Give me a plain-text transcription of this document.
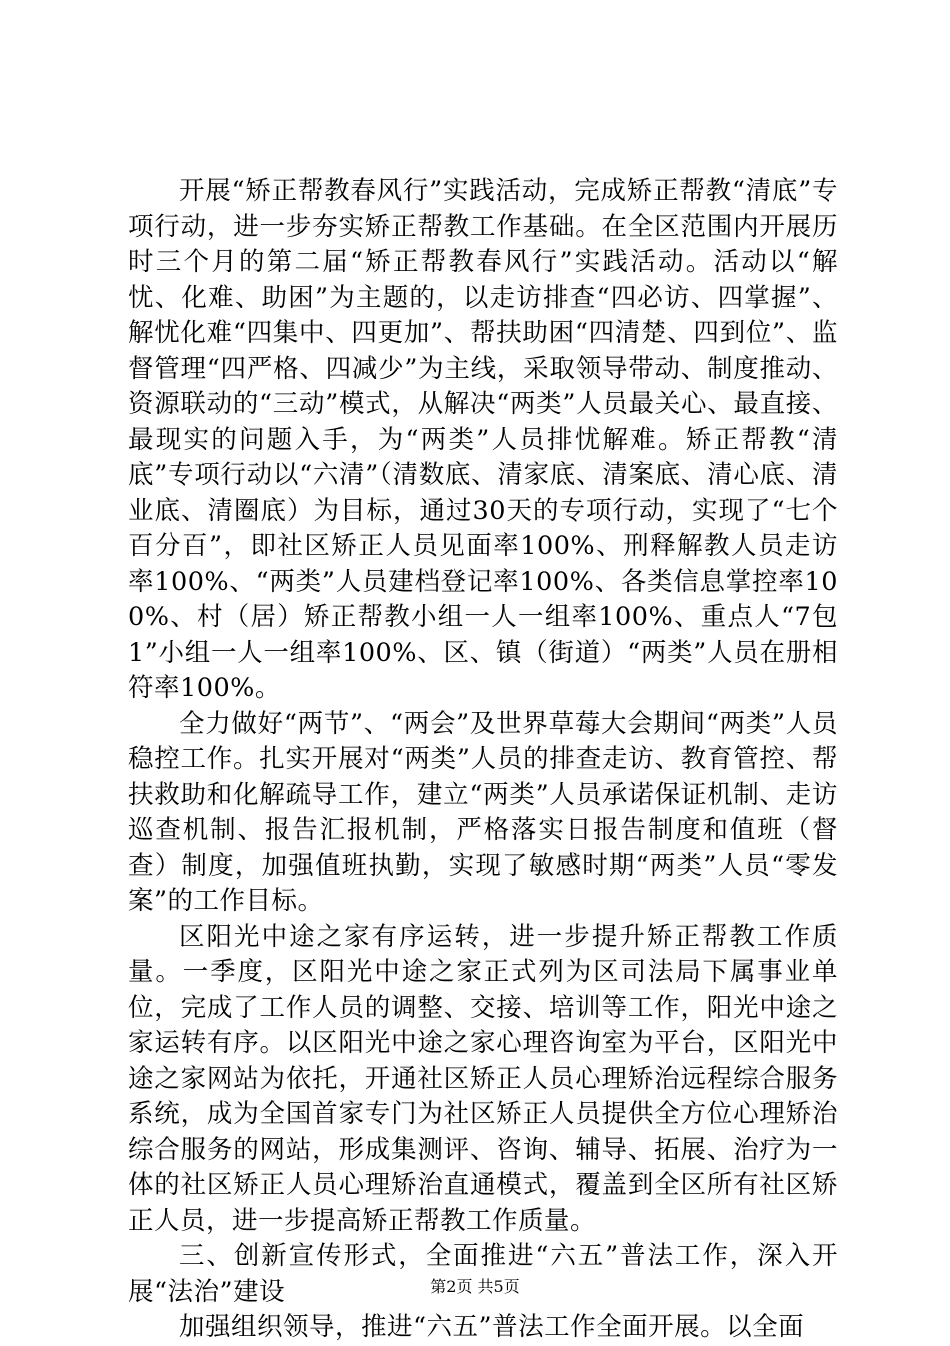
开展“矫正帮教春风行”实践活动，完成矫正帮教“清底”专项行动，进一步夯实矫正帮教工作基础。在全区范围内开展历时三个月的第二届“矫正帮教春风行”实践活动。活动以“解忧、化难、助困”为主题的，以走访排查“四必访、四掌握”、解忧化难“四集中、四更加”、帮扶助困“四清楚、四到位”、监督管理“四严格、四减少”为主线，采取领导带动、制度推动、资源联动的“三动”模式，从解决“两类”人员最关心、最直接、最现实的问题入手，为“两类”人员排忧解难。矫正帮教“清底”专项行动以“六清”（清数底、清家底、清案底、清心底、清业底、清圈底）为目标，通过30天的专项行动，实现了“七个百分百”，即社区矫正人员见面率100%、刑释解教人员走访率100%、“两类”人员建档登记率100%、各类信息掌控率100%、村（居）矫正帮教小组一人一组率100%、重点人“7包1”小组一人一组率100%、区、镇（街道）“两类”人员在册相符率100%。

全力做好“两节”、“两会”及世界草莓大会期间“两类”人员稳控工作。扎实开展对“两类”人员的排查走访、教育管控、帮扶救助和化解疏导工作，建立“两类”人员承诺保证机制、走访巡查机制、报告汇报机制，严格落实日报告制度和值班（督查）制度，加强值班执勤，实现了敏感时期“两类”人员“零发案”的工作目标。

区阳光中途之家有序运转，进一步提升矫正帮教工作质量。一季度，区阳光中途之家正式列为区司法局下属事业单位，完成了工作人员的调整、交接、培训等工作，阳光中途之家运转有序。以区阳光中途之家心理咨询室为平台，区阳光中途之家网站为依托，开通社区矫正人员心理矫治远程综合服务系统，成为全国首家专门为社区矫正人员提供全方位心理矫治综合服务的网站，形成集测评、咨询、辅导、拓展、治疗为一体的社区矫正人员心理矫治直通模式，覆盖到全区所有社区矫正人员，进一步提高矫正帮教工作质量。

三、创新宣传形式，全面推进“六五”普法工作，深入开展“法治”建设

加强组织领导，推进“六五”普法工作全面开展。以全面

第2页 共5页
